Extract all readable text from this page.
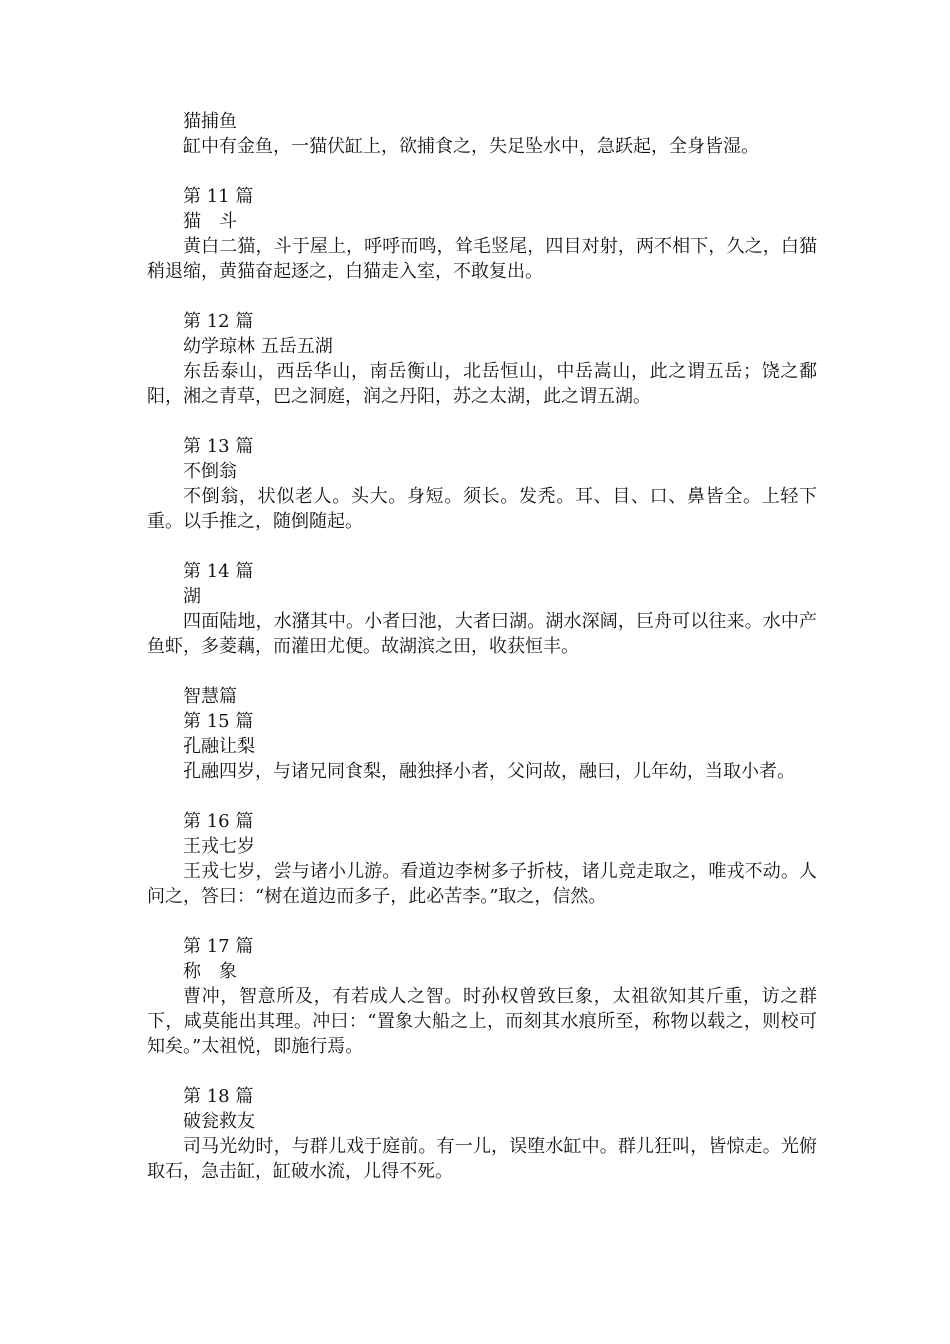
猫捕鱼

缸中有金鱼，一猫伏缸上，欲捕食之，失足坠水中，急跃起，全身皆湿。

第 11 篇

猫　斗

黄白二猫，斗于屋上，呼呼而鸣，耸毛竖尾，四目对射，两不相下，久之，白猫稍退缩，黄猫奋起逐之，白猫走入室，不敢复出。

第 12 篇

幼学琼林 五岳五湖

东岳泰山，西岳华山，南岳衡山，北岳恒山，中岳嵩山，此之谓五岳；饶之鄱阳，湘之青草，巴之洞庭，润之丹阳，苏之太湖，此之谓五湖。

第 13 篇

不倒翁

不倒翁，状似老人。头大。身短。须长。发秃。耳、目、口、鼻皆全。上轻下重。以手推之，随倒随起。

第 14 篇

湖

四面陆地，水潴其中。小者曰池，大者曰湖。湖水深阔，巨舟可以往来。水中产鱼虾，多菱藕，而灌田尤便。故湖滨之田，收获恒丰。

智慧篇

第 15 篇

孔融让梨

孔融四岁，与诸兄同食梨，融独择小者，父问故，融曰，儿年幼，当取小者。

第 16 篇

王戎七岁

王戎七岁，尝与诸小儿游。看道边李树多子折枝，诸儿竞走取之，唯戎不动。人问之，答曰：“树在道边而多子，此必苦李。”取之，信然。

第 17 篇

称　象

曹冲，智意所及，有若成人之智。时孙权曾致巨象，太祖欲知其斤重，访之群下，咸莫能出其理。冲曰：“置象大船之上，而刻其水痕所至，称物以载之，则校可知矣。”太祖悦，即施行焉。

第 18 篇

破瓮救友

司马光幼时，与群儿戏于庭前。有一儿，误堕水缸中。群儿狂叫，皆惊走。光俯取石，急击缸，缸破水流，儿得不死。
